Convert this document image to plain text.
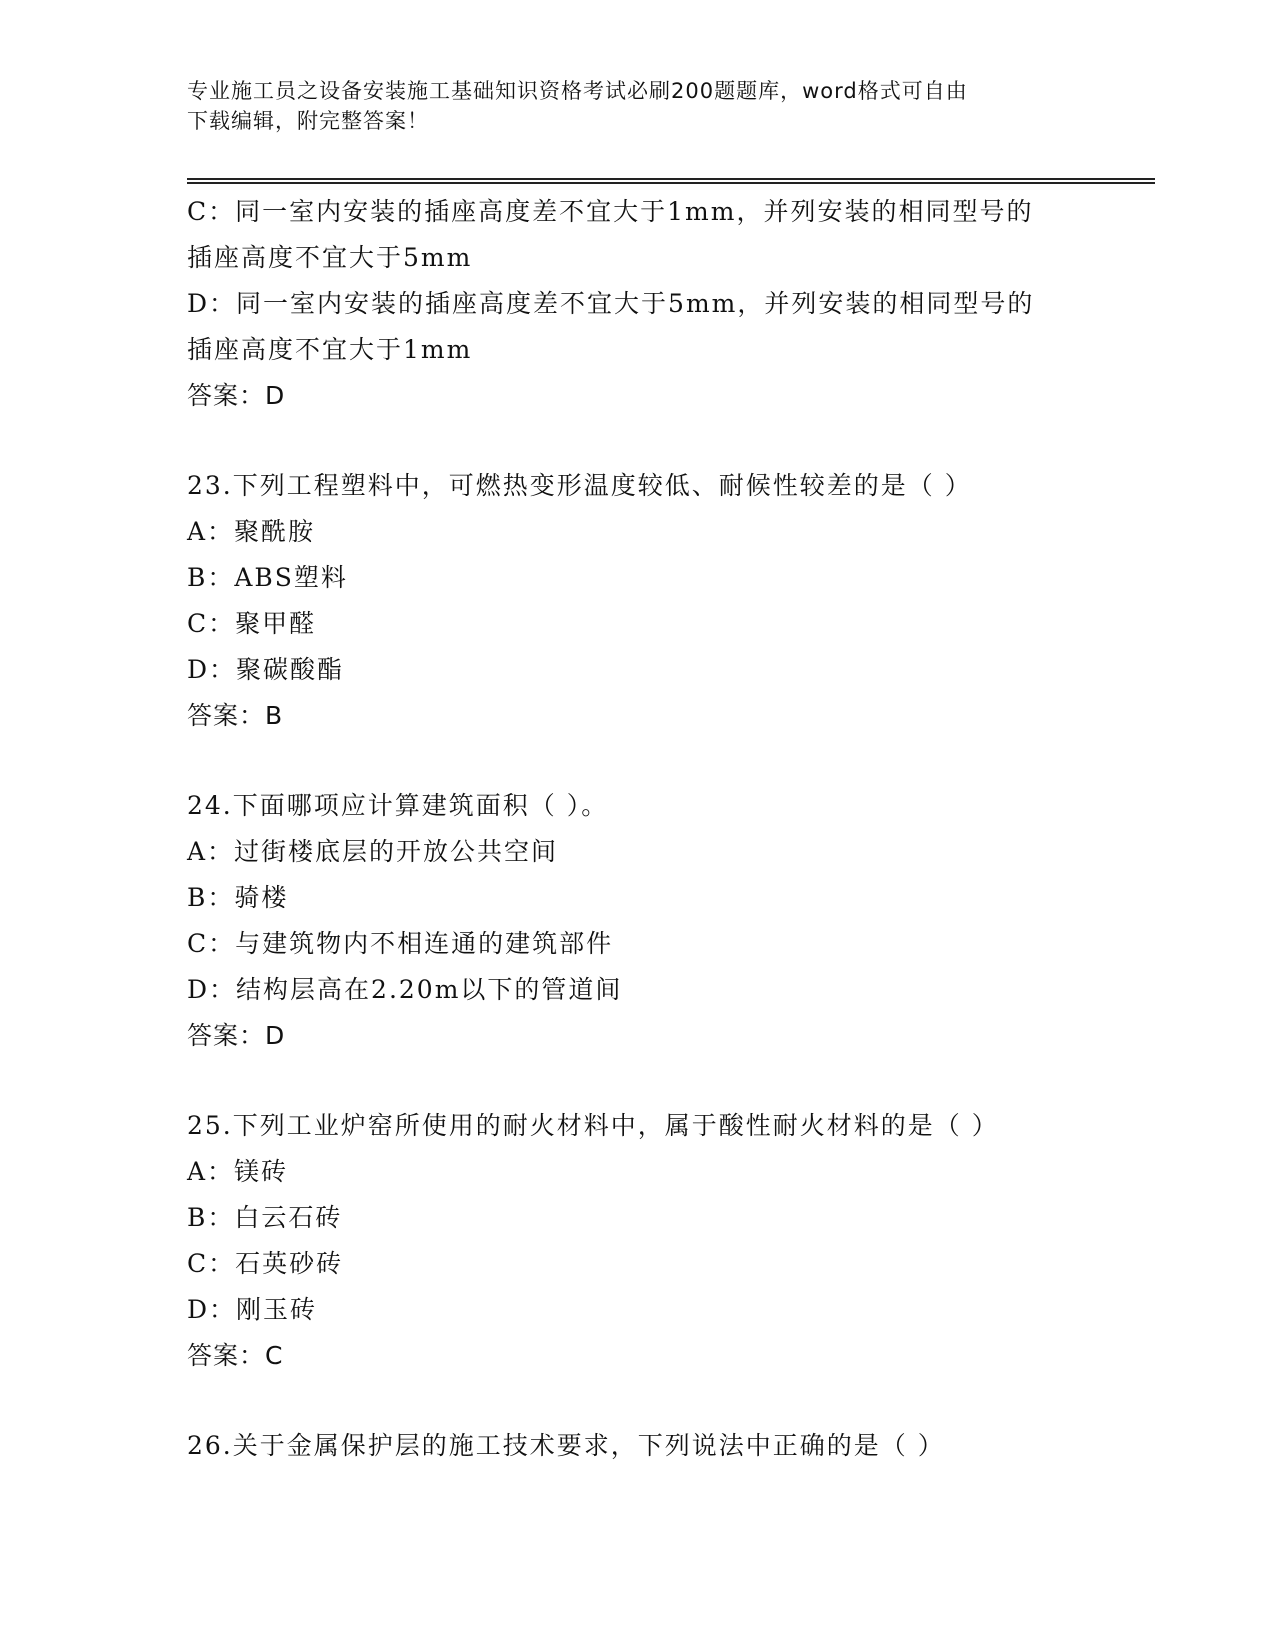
专业施工员之设备安装施工基础知识资格考试必刷200题题库，word格式可自由
下载编辑，附完整答案！
C：同一室内安装的插座高度差不宜大于1mm，并列安装的相同型号的
插座高度不宜大于5mm
D：同一室内安装的插座高度差不宜大于5mm，并列安装的相同型号的
插座高度不宜大于1mm
答案：D
23.下列工程塑料中，可燃热变形温度较低、耐候性较差的是（ ）
A：聚酰胺
B：ABS塑料
C：聚甲醛
D：聚碳酸酯
答案：B
24.下面哪项应计算建筑面积（ ）。
A：过街楼底层的开放公共空间
B：骑楼
C：与建筑物内不相连通的建筑部件
D：结构层高在2.20m以下的管道间
答案：D
25.下列工业炉窑所使用的耐火材料中，属于酸性耐火材料的是（ ）
A：镁砖
B：白云石砖
C：石英砂砖
D：刚玉砖
答案：C
26.关于金属保护层的施工技术要求，下列说法中正确的是（ ）
